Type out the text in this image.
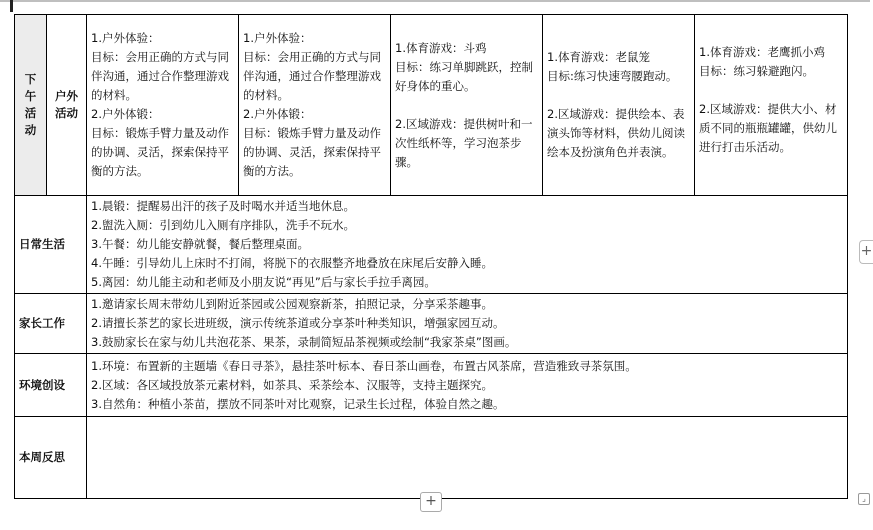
下
午
活
动	户外
活动	1.户外体验：
目标：会用正确的方式与同伴沟通，通过合作整理游戏的材料。
2.户外体锻：
目标：锻炼手臂力量及动作的协调、灵活，探索保持平衡的方法。	1.户外体验：
目标：会用正确的方式与同伴沟通，通过合作整理游戏的材料。
2.户外体锻：
目标：锻炼手臂力量及动作的协调、灵活，探索保持平衡的方法。	1.体育游戏：斗鸡
目标：练习单脚跳跃，控制好身体的重心。
2.区域游戏：提供树叶和一次性纸杯等，学习泡茶步骤。	1.体育游戏：老鼠笼
目标:练习快速弯腰跑动。
2.区域游戏：提供绘本、表演头饰等材料，供幼儿阅读绘本及扮演角色并表演。	1.体育游戏：老鹰抓小鸡
目标：练习躲避跑闪。
2.区域游戏：提供大小、材质不同的瓶瓶罐罐，供幼儿进行打击乐活动。

日常生活		1.晨锻：提醒易出汗的孩子及时喝水并适当地休息。
2.盥洗入厕：引到幼儿入厕有序排队，洗手不玩水。
3.午餐：幼儿能安静就餐，餐后整理桌面。
4.午睡：引导幼儿上床时不打闹，将脱下的衣服整齐地叠放在床尾后安静入睡。
5.离园：幼儿能主动和老师及小朋友说“再见”后与家长手拉手离园。				

家长工作		1.邀请家长周末带幼儿到附近茶园或公园观察新茶，拍照记录，分享采茶趣事。
2.请擅长茶艺的家长进班级，演示传统茶道或分享茶叶种类知识，增强家园互动。
3.鼓励家长在家与幼儿共泡花茶、果茶，录制简短品茶视频或绘制“我家茶桌”图画。				

环境创设		1.环境：布置新的主题墙《春日寻茶》，悬挂茶叶标本、春日茶山画卷，布置古风茶席，营造雅致寻茶氛围。
2.区域：各区域投放茶元素材料，如茶具、采茶绘本、汉服等，支持主题探究。
3.自然角：种植小茶苗，摆放不同茶叶对比观察，记录生长过程，体验自然之趣。				

本周反思						
+
+	⌟
